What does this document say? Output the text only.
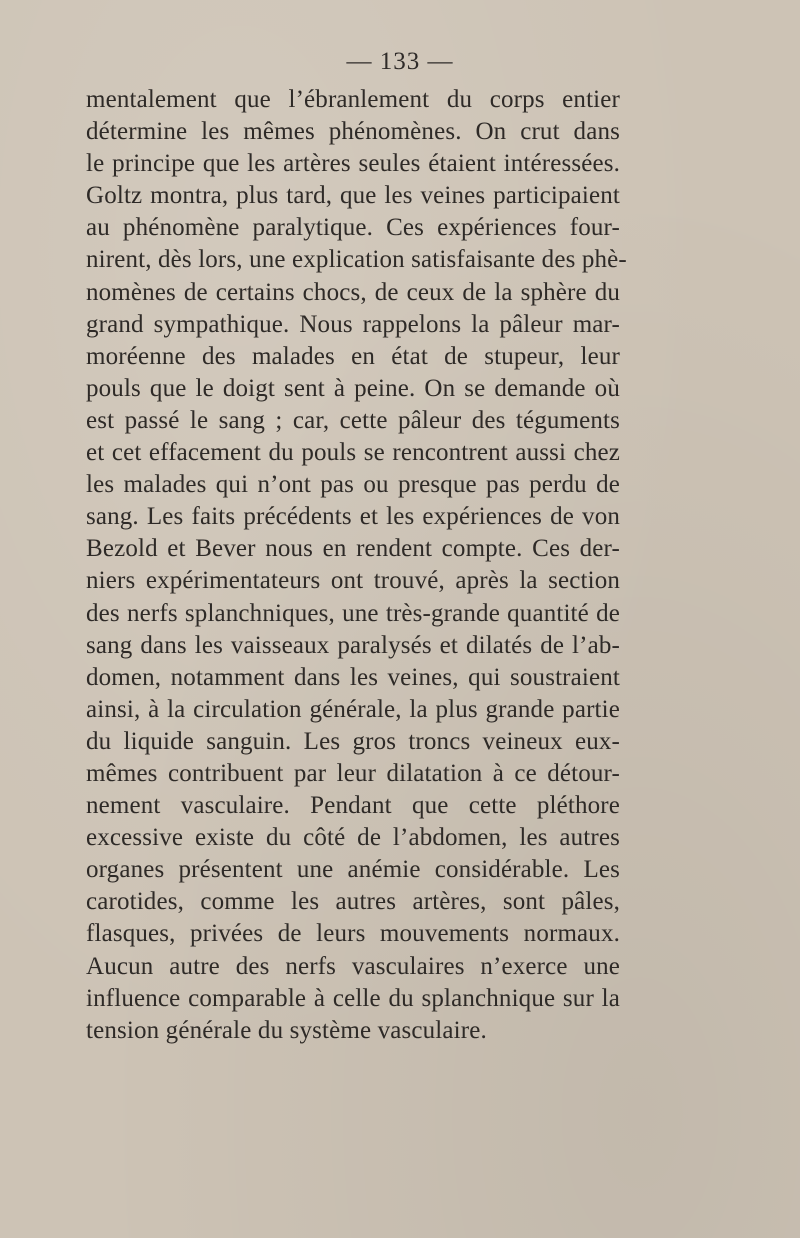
— 133 —
mentalement que l’ébranlement du corps entier
détermine les mêmes phénomènes. On crut dans
le principe que les artères seules étaient intéressées.
Goltz montra, plus tard, que les veines participaient
au phénomène paralytique. Ces expériences four-
nirent, dès lors, une explication satisfaisante des phè-
nomènes de certains chocs, de ceux de la sphère du
grand sympathique. Nous rappelons la pâleur mar-
moréenne des malades en état de stupeur, leur
pouls que le doigt sent à peine. On se demande où
est passé le sang ; car, cette pâleur des téguments
et cet effacement du pouls se rencontrent aussi chez
les malades qui n’ont pas ou presque pas perdu de
sang. Les faits précédents et les expériences de von
Bezold et Bever nous en rendent compte. Ces der-
niers expérimentateurs ont trouvé, après la section
des nerfs splanchniques, une très-grande quantité de
sang dans les vaisseaux paralysés et dilatés de l’ab-
domen, notamment dans les veines, qui soustraient
ainsi, à la circulation générale, la plus grande partie
du liquide sanguin. Les gros troncs veineux eux-
mêmes contribuent par leur dilatation à ce détour-
nement vasculaire. Pendant que cette pléthore
excessive existe du côté de l’abdomen, les autres
organes présentent une anémie considérable. Les
carotides, comme les autres artères, sont pâles,
flasques, privées de leurs mouvements normaux.
Aucun autre des nerfs vasculaires n’exerce une
influence comparable à celle du splanchnique sur la
tension générale du système vasculaire.
